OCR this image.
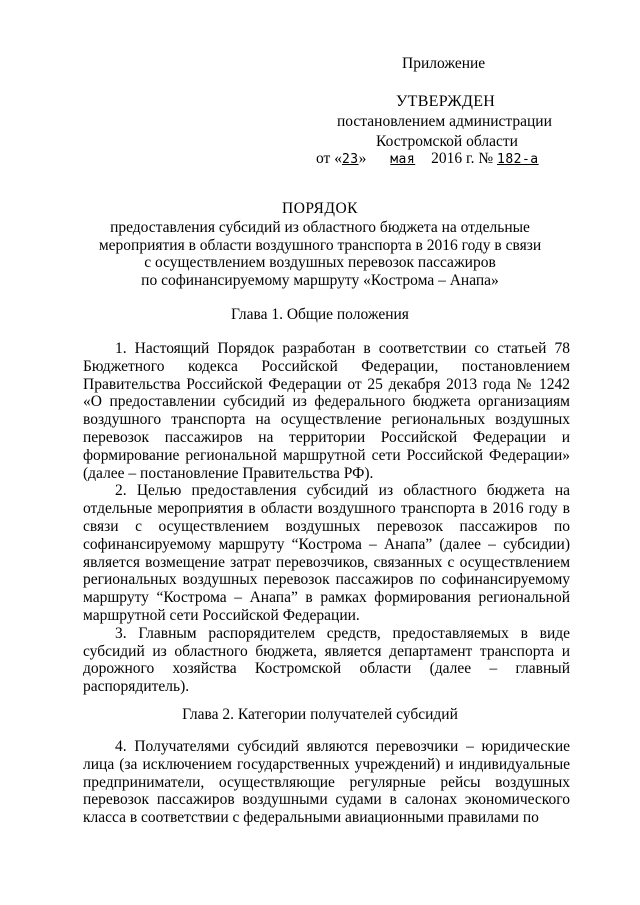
Приложение
УТВЕРЖДЕН
постановлением администрации
Костромской области
от «23» мая 2016 г. № 182-а
ПОРЯДОК
предоставления субсидий из областного бюджета на отдельные
мероприятия в области воздушного транспорта в 2016 году в связи
с осуществлением воздушных перевозок пассажиров
по софинансируемому маршруту «Кострома – Анапа»
Глава 1. Общие положения

1. Настоящий Порядок разработан в соответствии со статьей 78 Бюджетного кодекса Российской Федерации, постановлением Правительства Российской Федерации от 25 декабря 2013 года № 1242 «О предоставлении субсидий из федерального бюджета организациям воздушного транспорта на осуществление региональных воздушных перевозок пассажиров на территории Российской Федерации и формирование региональной маршрутной сети Российской Федерации» (далее – постановление Правительства РФ).

2. Целью предоставления субсидий из областного бюджета на отдельные мероприятия в области воздушного транспорта в 2016 году в связи с осуществлением воздушных перевозок пассажиров по софинансируемому маршруту “Кострома – Анапа” (далее – субсидии) является возмещение затрат перевозчиков, связанных с осуществлением региональных воздушных перевозок пассажиров по софинансируемому маршруту “Кострома – Анапа” в рамках формирования региональной маршрутной сети Российской Федерации.

3. Главным распорядителем средств, предоставляемых в виде субсидий из областного бюджета, является департамент транспорта и дорожного хозяйства Костромской области (далее – главный распорядитель).

Глава 2. Категории получателей субсидий

4. Получателями субсидий являются перевозчики – юридические лица (за исключением государственных учреждений) и индивидуальные предприниматели, осуществляющие регулярные рейсы воздушных перевозок пассажиров воздушными судами в салонах экономического класса в соответствии с федеральными авиационными правилами по
